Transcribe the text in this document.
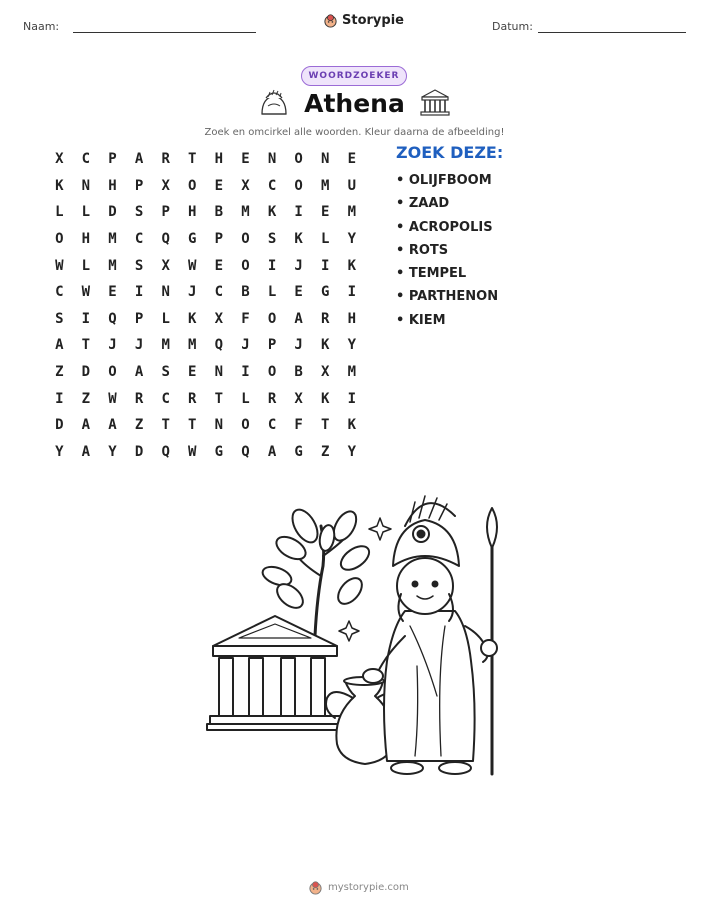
Naam:	Storypie	Datum:
WOORDZOEKER
Athena
Zoek en omcirkel alle woorden. Kleur daarna de afbeelding!
X	C	P	A	R	T	H	E	N	O	N	E
K	N	H	P	X	O	E	X	C	O	M	U
L	L	D	S	P	H	B	M	K	I	E	M
O	H	M	C	Q	G	P	O	S	K	L	Y
W	L	M	S	X	W	E	O	I	J	I	K
C	W	E	I	N	J	C	B	L	E	G	I
S	I	Q	P	L	K	X	F	O	A	R	H
A	T	J	J	M	M	Q	J	P	J	K	Y
Z	D	O	A	S	E	N	I	O	B	X	M
I	Z	W	R	C	R	T	L	R	X	K	I
D	A	A	Z	T	T	N	O	C	F	T	K
Y	A	Y	D	Q	W	G	Q	A	G	Z	Y
ZOEK DEZE:
• OLIJFBOOM
• ZAAD
• ACROPOLIS
• ROTS
• TEMPEL
• PARTHENON
• KIEM
mystorypie.com
